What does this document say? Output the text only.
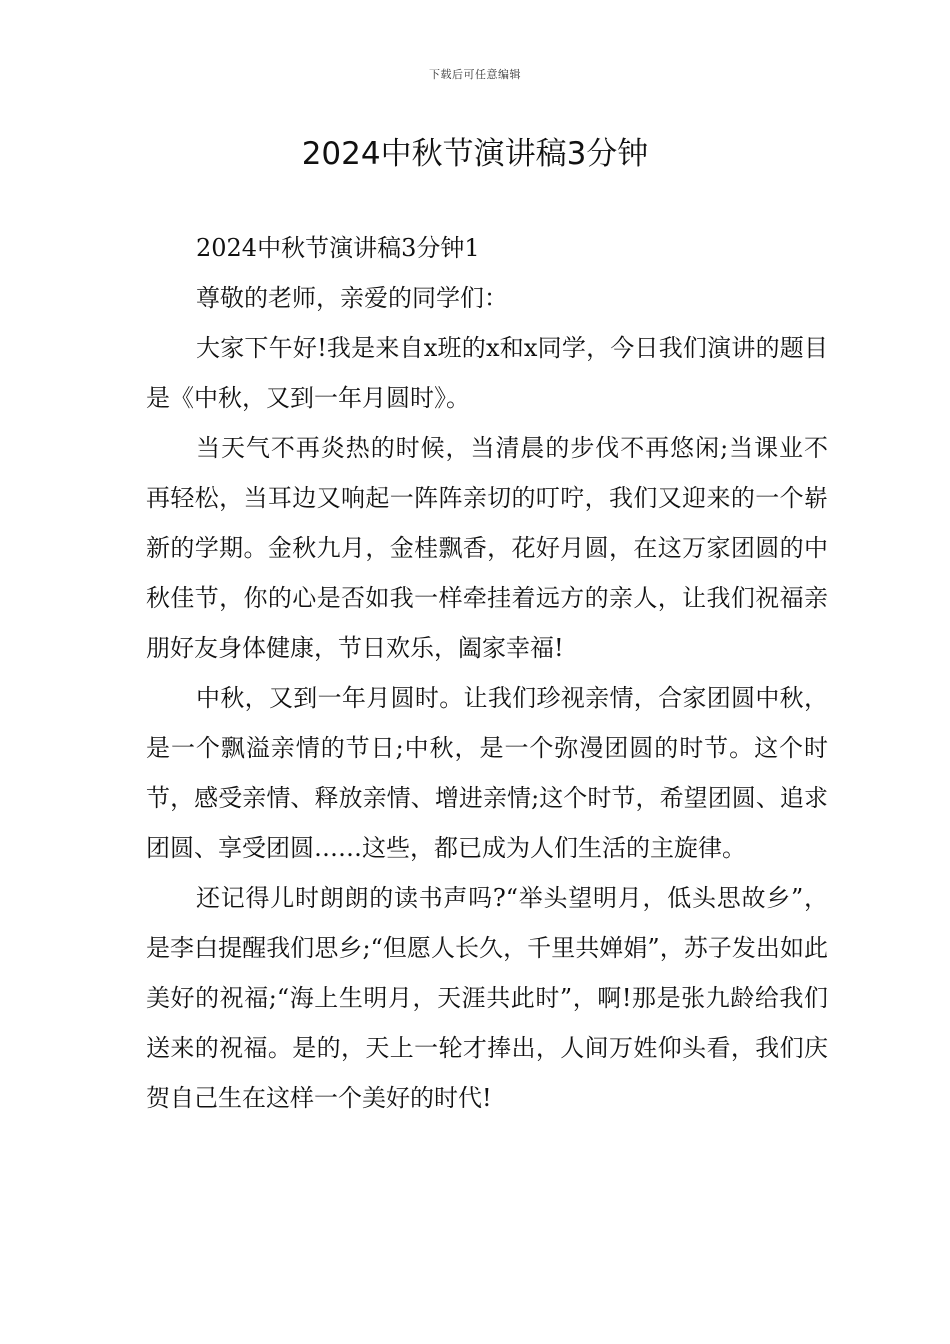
下载后可任意编辑
2024中秋节演讲稿3分钟

2024中秋节演讲稿3分钟1

尊敬的老师，亲爱的同学们：

大家下午好!我是来自x班的x和x同学，今日我们演讲的题目是《中秋，又到一年月圆时》。

当天气不再炎热的时候，当清晨的步伐不再悠闲;当课业不再轻松，当耳边又响起一阵阵亲切的叮咛，我们又迎来的一个崭新的学期。金秋九月，金桂飘香，花好月圆，在这万家团圆的中秋佳节，你的心是否如我一样牵挂着远方的亲人，让我们祝福亲朋好友身体健康，节日欢乐，阖家幸福!

中秋，又到一年月圆时。让我们珍视亲情，合家团圆中秋，是一个飘溢亲情的节日;中秋，是一个弥漫团圆的时节。这个时节，感受亲情、释放亲情、增进亲情;这个时节，希望团圆、追求团圆、享受团圆……这些，都已成为人们生活的主旋律。

还记得儿时朗朗的读书声吗?“举头望明月，低头思故乡”，是李白提醒我们思乡;“但愿人长久，千里共婵娟”，苏子发出如此美好的祝福;“海上生明月，天涯共此时”，啊!那是张九龄给我们送来的祝福。是的，天上一轮才捧出，人间万姓仰头看，我们庆贺自己生在这样一个美好的时代!
